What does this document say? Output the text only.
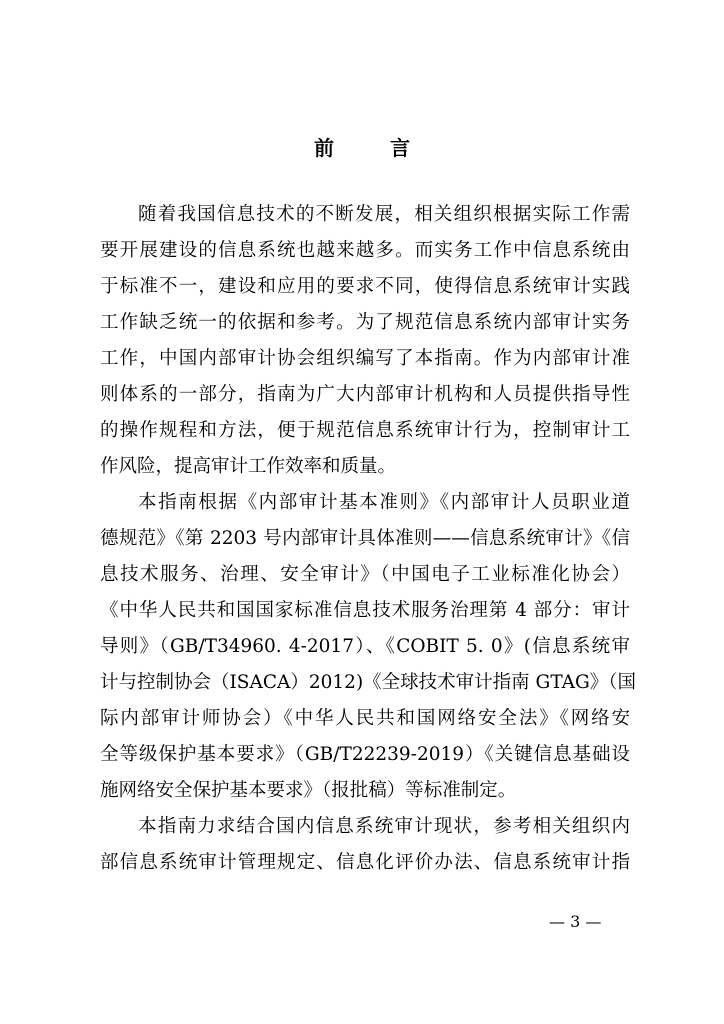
前　言
随着我国信息技术的不断发展，相关组织根据实际工作需
要开展建设的信息系统也越来越多。而实务工作中信息系统由
于标准不一，建设和应用的要求不同，使得信息系统审计实践
工作缺乏统一的依据和参考。为了规范信息系统内部审计实务
工作，中国内部审计协会组织编写了本指南。作为内部审计准
则体系的一部分，指南为广大内部审计机构和人员提供指导性
的操作规程和方法，便于规范信息系统审计行为，控制审计工
作风险，提高审计工作效率和质量。
本指南根据《内部审计基本准则》《内部审计人员职业道
德规范》《第 2203 号内部审计具体准则——信息系统审计》《信
息技术服务、治理、安全审计》（中国电子工业标准化协会）
《中华人民共和国国家标准信息技术服务治理第 4 部分：审计
导则》（GB/T34960. 4-2017）、《COBIT 5. 0》(信息系统审
计与控制协会（ISACA）2012)《全球技术审计指南 GTAG》（国
际内部审计师协会）《中华人民共和国网络安全法》《网络安
全等级保护基本要求》（GB/T22239-2019）《关键信息基础设
施网络安全保护基本要求》（报批稿）等标准制定。
本指南力求结合国内信息系统审计现状，参考相关组织内
部信息系统审计管理规定、信息化评价办法、信息系统审计指
— 3 —
